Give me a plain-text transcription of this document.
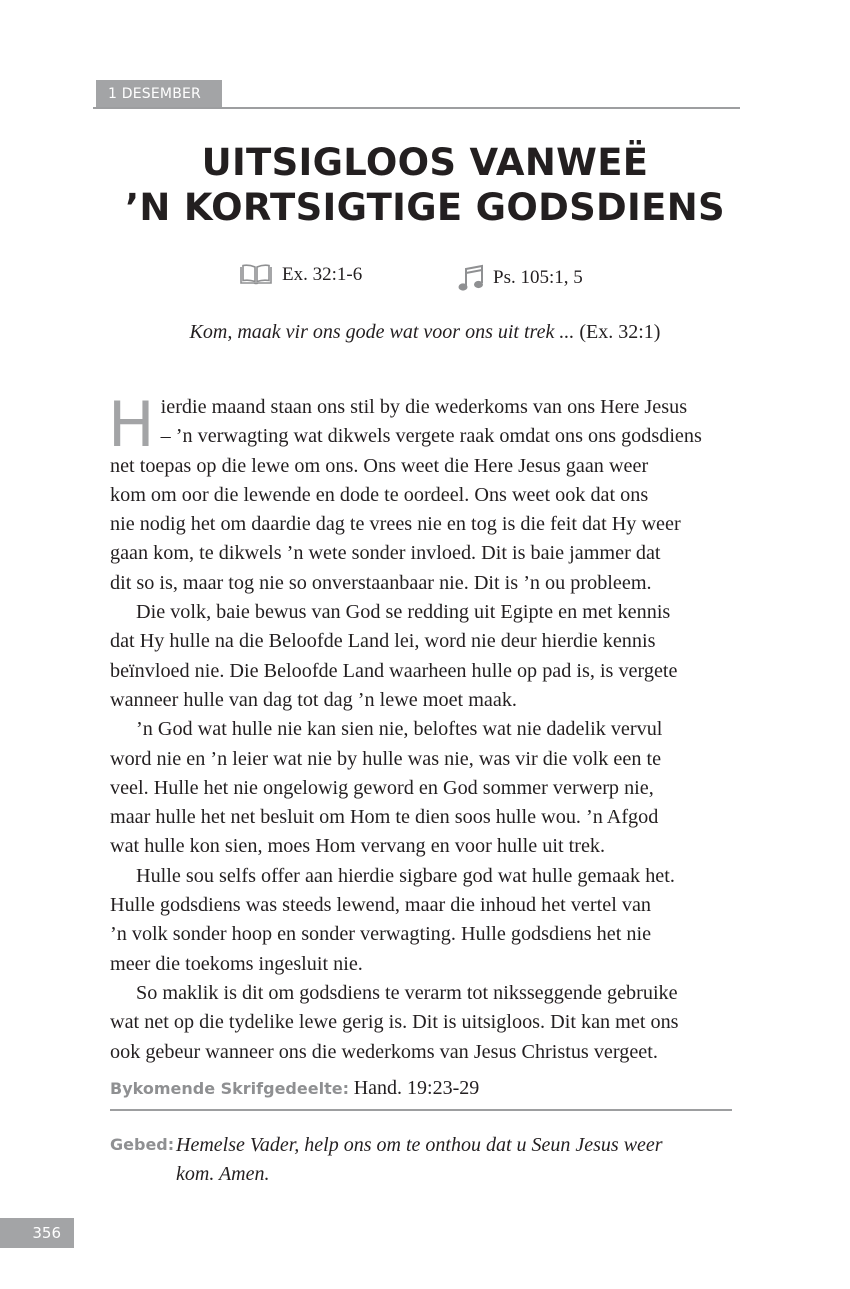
1 DESEMBER
UITSIGLOOS VANWEË
’N KORTSIGTIGE GODSDIENS
Ex. 32:1-6	Ps. 105:1, 5
Kom, maak vir ons gode wat voor ons uit trek ... (Ex. 32:1)

H ierdie maand staan ons stil by die wederkoms van ons Here Jesus
– ’n verwagting wat dikwels vergete raak omdat ons ons godsdiens
net toepas op die lewe om ons. Ons weet die Here Jesus gaan weer
kom om oor die lewende en dode te oordeel. Ons weet ook dat ons
nie nodig het om daardie dag te vrees nie en tog is die feit dat Hy weer
gaan kom, te dikwels ’n wete sonder invloed. Dit is baie jammer dat
dit so is, maar tog nie so onverstaanbaar nie. Dit is ’n ou probleem.

Die volk, baie bewus van God se redding uit Egipte en met kennis
dat Hy hulle na die Beloofde Land lei, word nie deur hierdie kennis
beïnvloed nie. Die Beloofde Land waarheen hulle op pad is, is vergete
wanneer hulle van dag tot dag ’n lewe moet maak.

’n God wat hulle nie kan sien nie, beloftes wat nie dadelik vervul
word nie en ’n leier wat nie by hulle was nie, was vir die volk een te
veel. Hulle het nie ongelowig geword en God sommer verwerp nie,
maar hulle het net besluit om Hom te dien soos hulle wou. ’n Afgod
wat hulle kon sien, moes Hom vervang en voor hulle uit trek.

Hulle sou selfs offer aan hierdie sigbare god wat hulle gemaak het.
Hulle godsdiens was steeds lewend, maar die inhoud het vertel van
’n volk sonder hoop en sonder verwagting. Hulle godsdiens het nie
meer die toekoms ingesluit nie.

So maklik is dit om godsdiens te verarm tot niksseggende gebruike
wat net op die tydelike lewe gerig is. Dit is uitsigloos. Dit kan met ons
ook gebeur wanneer ons die wederkoms van Jesus Christus vergeet.

Bykomende Skrifgedeelte: Hand. 19:23-29
Gebed: Hemelse Vader, help ons om te onthou dat u Seun Jesus weer
kom. Amen.
356
